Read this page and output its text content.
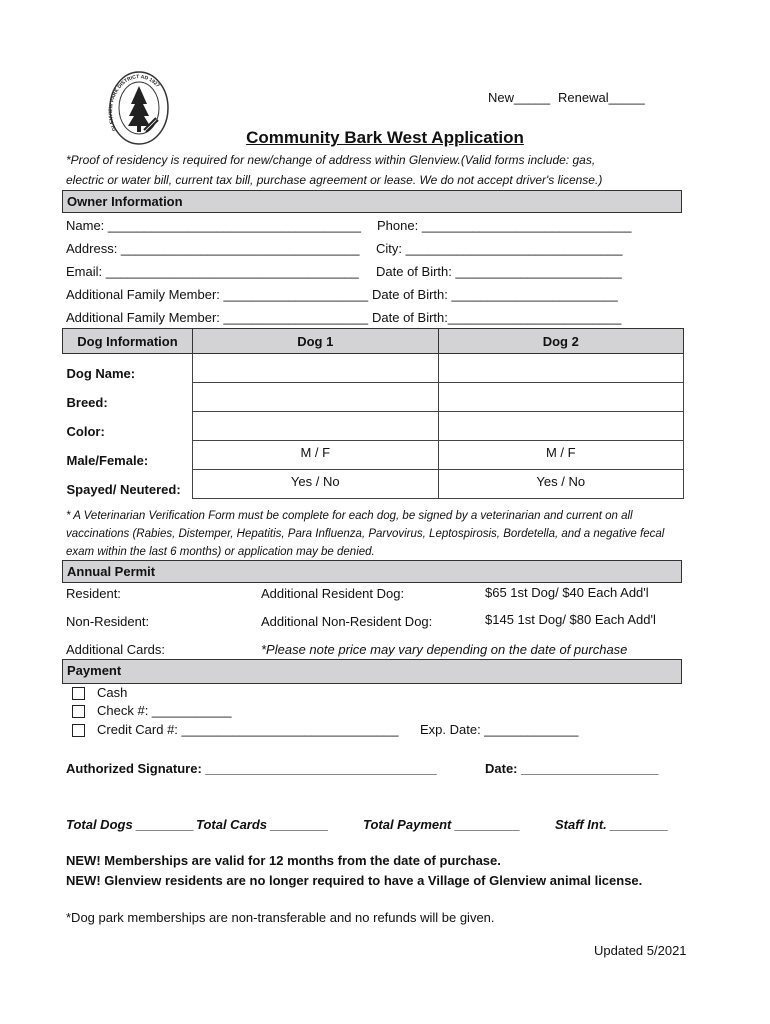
GLENVIEW PARK DISTRICT AD 1927
New_____ Renewal_____
Community Bark West Application
*Proof of residency is required for new/change of address within Glenview.(Valid forms include: gas,
electric or water bill, current tax bill, purchase agreement or lease. We do not accept driver's license.)
Owner Information
Name: ___________________________________ Phone: _____________________________
Address: _________________________________ City: ______________________________
Email: ___________________________________ Date of Birth: _______________________
Additional Family Member: ____________________ Date of Birth: _______________________
Additional Family Member: ____________________ Date of Birth:________________________
Dog Information	Dog 1	Dog 2
Dog Name:		
Breed:		
Color:		
Male/Female:	M / F	M / F
Spayed/ Neutered:	Yes / No	Yes / No
* A Veterinarian Verification Form must be complete for each dog, be signed by a veterinarian and current on all
vaccinations (Rabies, Distemper, Hepatitis, Para Influenza, Parvovirus, Leptospirosis, Bordetella, and a negative fecal
exam within the last 6 months) or application may be denied.
Annual Permit
Resident:	Additional Resident Dog:	$65 1st Dog/ $40 Each Add'l
Non-Resident:	Additional Non-Resident Dog:	$145 1st Dog/ $80 Each Add'l
Additional Cards:	*Please note price may vary depending on the date of purchase
Payment
Cash
Check #: ___________
Credit Card #: ______________________________ Exp. Date: _____________
Authorized Signature: ________________________________	Date: ___________________
Total Dogs ________ Total Cards ________	Total Payment _________	Staff Int. ________
NEW! Memberships are valid for 12 months from the date of purchase.
NEW! Glenview residents are no longer required to have a Village of Glenview animal license.
*Dog park memberships are non-transferable and no refunds will be given.
Updated 5/2021
